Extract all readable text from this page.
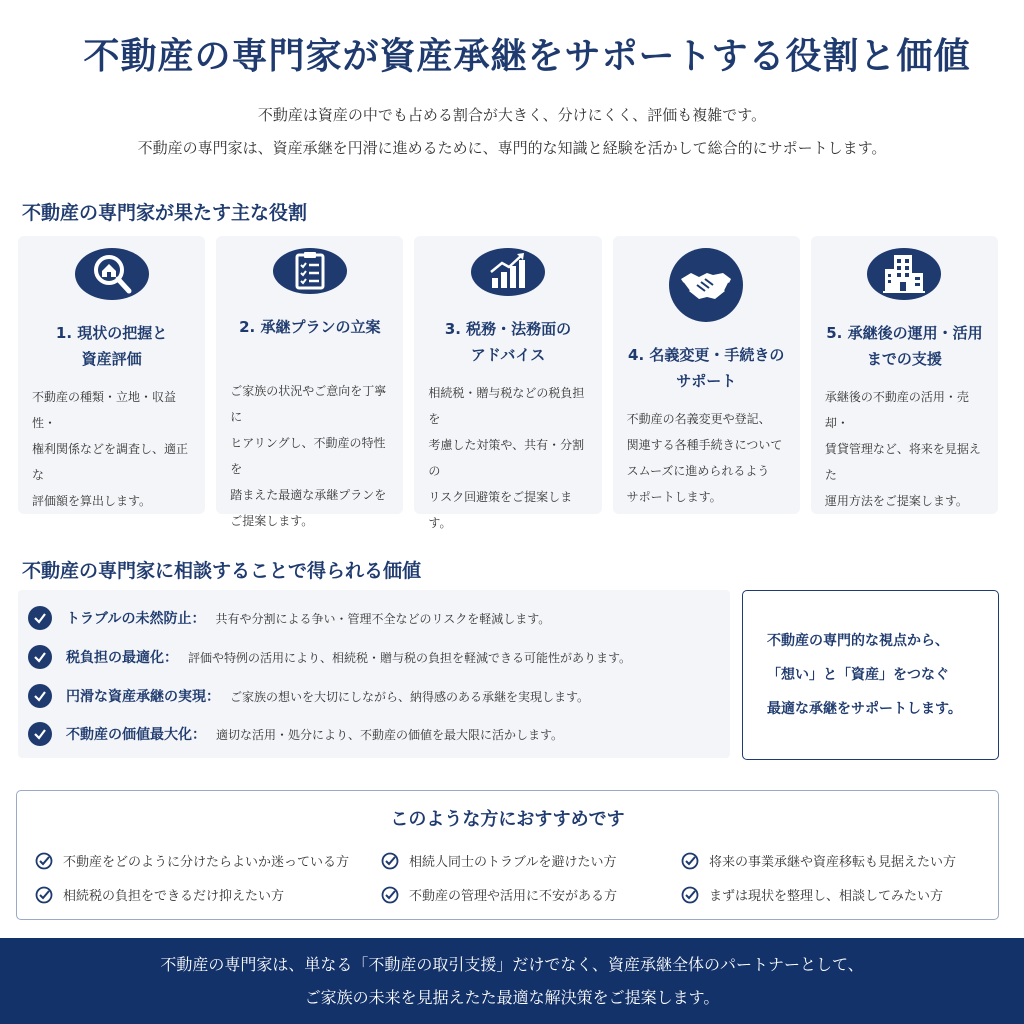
不動産の専門家が資産承継をサポートする役割と価値
不動産は資産の中でも占める割合が大きく、分けにくく、評価も複雑です。
不動産の専門家は、資産承継を円滑に進めるために、専門的な知識と経験を活かして総合的にサポートします。
不動産の専門家が果たす主な役割
1. 現状の把握と
資産評価
不動産の種類・立地・収益性・
権利関係などを調査し、適正な
評価額を算出します。
2. 承継プランの立案
ご家族の状況やご意向を丁寧に
ヒアリングし、不動産の特性を
踏まえた最適な承継プランを
ご提案します。
3. 税務・法務面の
アドバイス
相続税・贈与税などの税負担を
考慮した対策や、共有・分割の
リスク回避策をご提案します。
4. 名義変更・手続きの
サポート
不動産の名義変更や登記、
関連する各種手続きについて
スムーズに進められるよう
サポートします。
5. 承継後の運用・活用
までの支援
承継後の不動産の活用・売却・
賃貸管理など、将来を見据えた
運用方法をご提案します。
不動産の専門家に相談することで得られる価値
トラブルの未然防止： 共有や分割による争い・管理不全などのリスクを軽減します。
税負担の最適化： 評価や特例の活用により、相続税・贈与税の負担を軽減できる可能性があります。
円滑な資産承継の実現： ご家族の想いを大切にしながら、納得感のある承継を実現します。
不動産の価値最大化： 適切な活用・処分により、不動産の価値を最大限に活かします。
不動産の専門的な視点から、
「想い」と「資産」をつなぐ
最適な承継をサポートします。
このような方におすすめです
不動産をどのように分けたらよいか迷っている方	相続人同士のトラブルを避けたい方	将来の事業承継や資産移転も見据えたい方
相続税の負担をできるだけ抑えたい方	不動産の管理や活用に不安がある方	まずは現状を整理し、相談してみたい方
不動産の専門家は、単なる「不動産の取引支援」だけでなく、資産承継全体のパートナーとして、
ご家族の未来を見据えたた最適な解決策をご提案します。
